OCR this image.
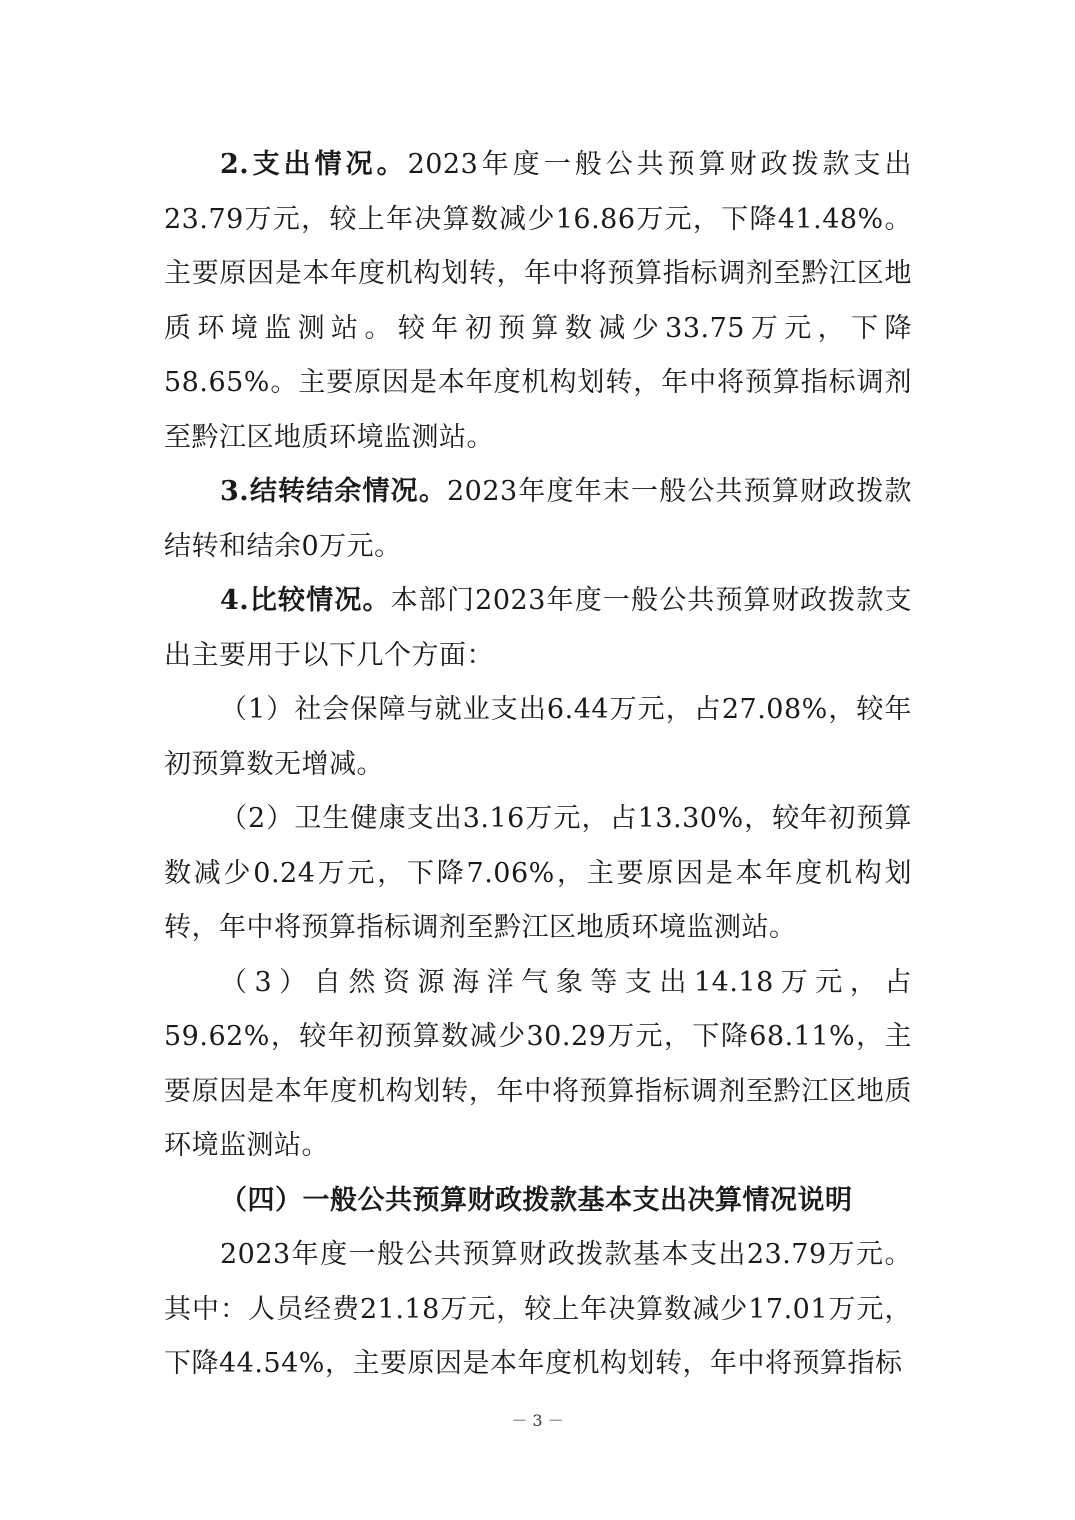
2.支出情况。2023年度一般公共预算财政拨款支出23.79万元，较上年决算数减少16.86万元，下降41.48%。主要原因是本年度机构划转，年中将预算指标调剂至黔江区地质环境监测站。较年初预算数减少33.75万元，下降58.65%。主要原因是本年度机构划转，年中将预算指标调剂至黔江区地质环境监测站。

3.结转结余情况。2023年度年末一般公共预算财政拨款结转和结余0万元。

4.比较情况。本部门2023年度一般公共预算财政拨款支出主要用于以下几个方面：

（1）社会保障与就业支出6.44万元，占27.08%，较年初预算数无增减。

（2）卫生健康支出3.16万元，占13.30%，较年初预算数减少0.24万元，下降7.06%，主要原因是本年度机构划转，年中将预算指标调剂至黔江区地质环境监测站。

（3）自然资源海洋气象等支出14.18万元，占59.62%，较年初预算数减少30.29万元，下降68.11%，主要原因是本年度机构划转，年中将预算指标调剂至黔江区地质环境监测站。

（四）一般公共预算财政拨款基本支出决算情况说明

2023年度一般公共预算财政拨款基本支出23.79万元。其中：人员经费21.18万元，较上年决算数减少17.01万元，下降44.54%，主要原因是本年度机构划转，年中将预算指标

－ 3 －
